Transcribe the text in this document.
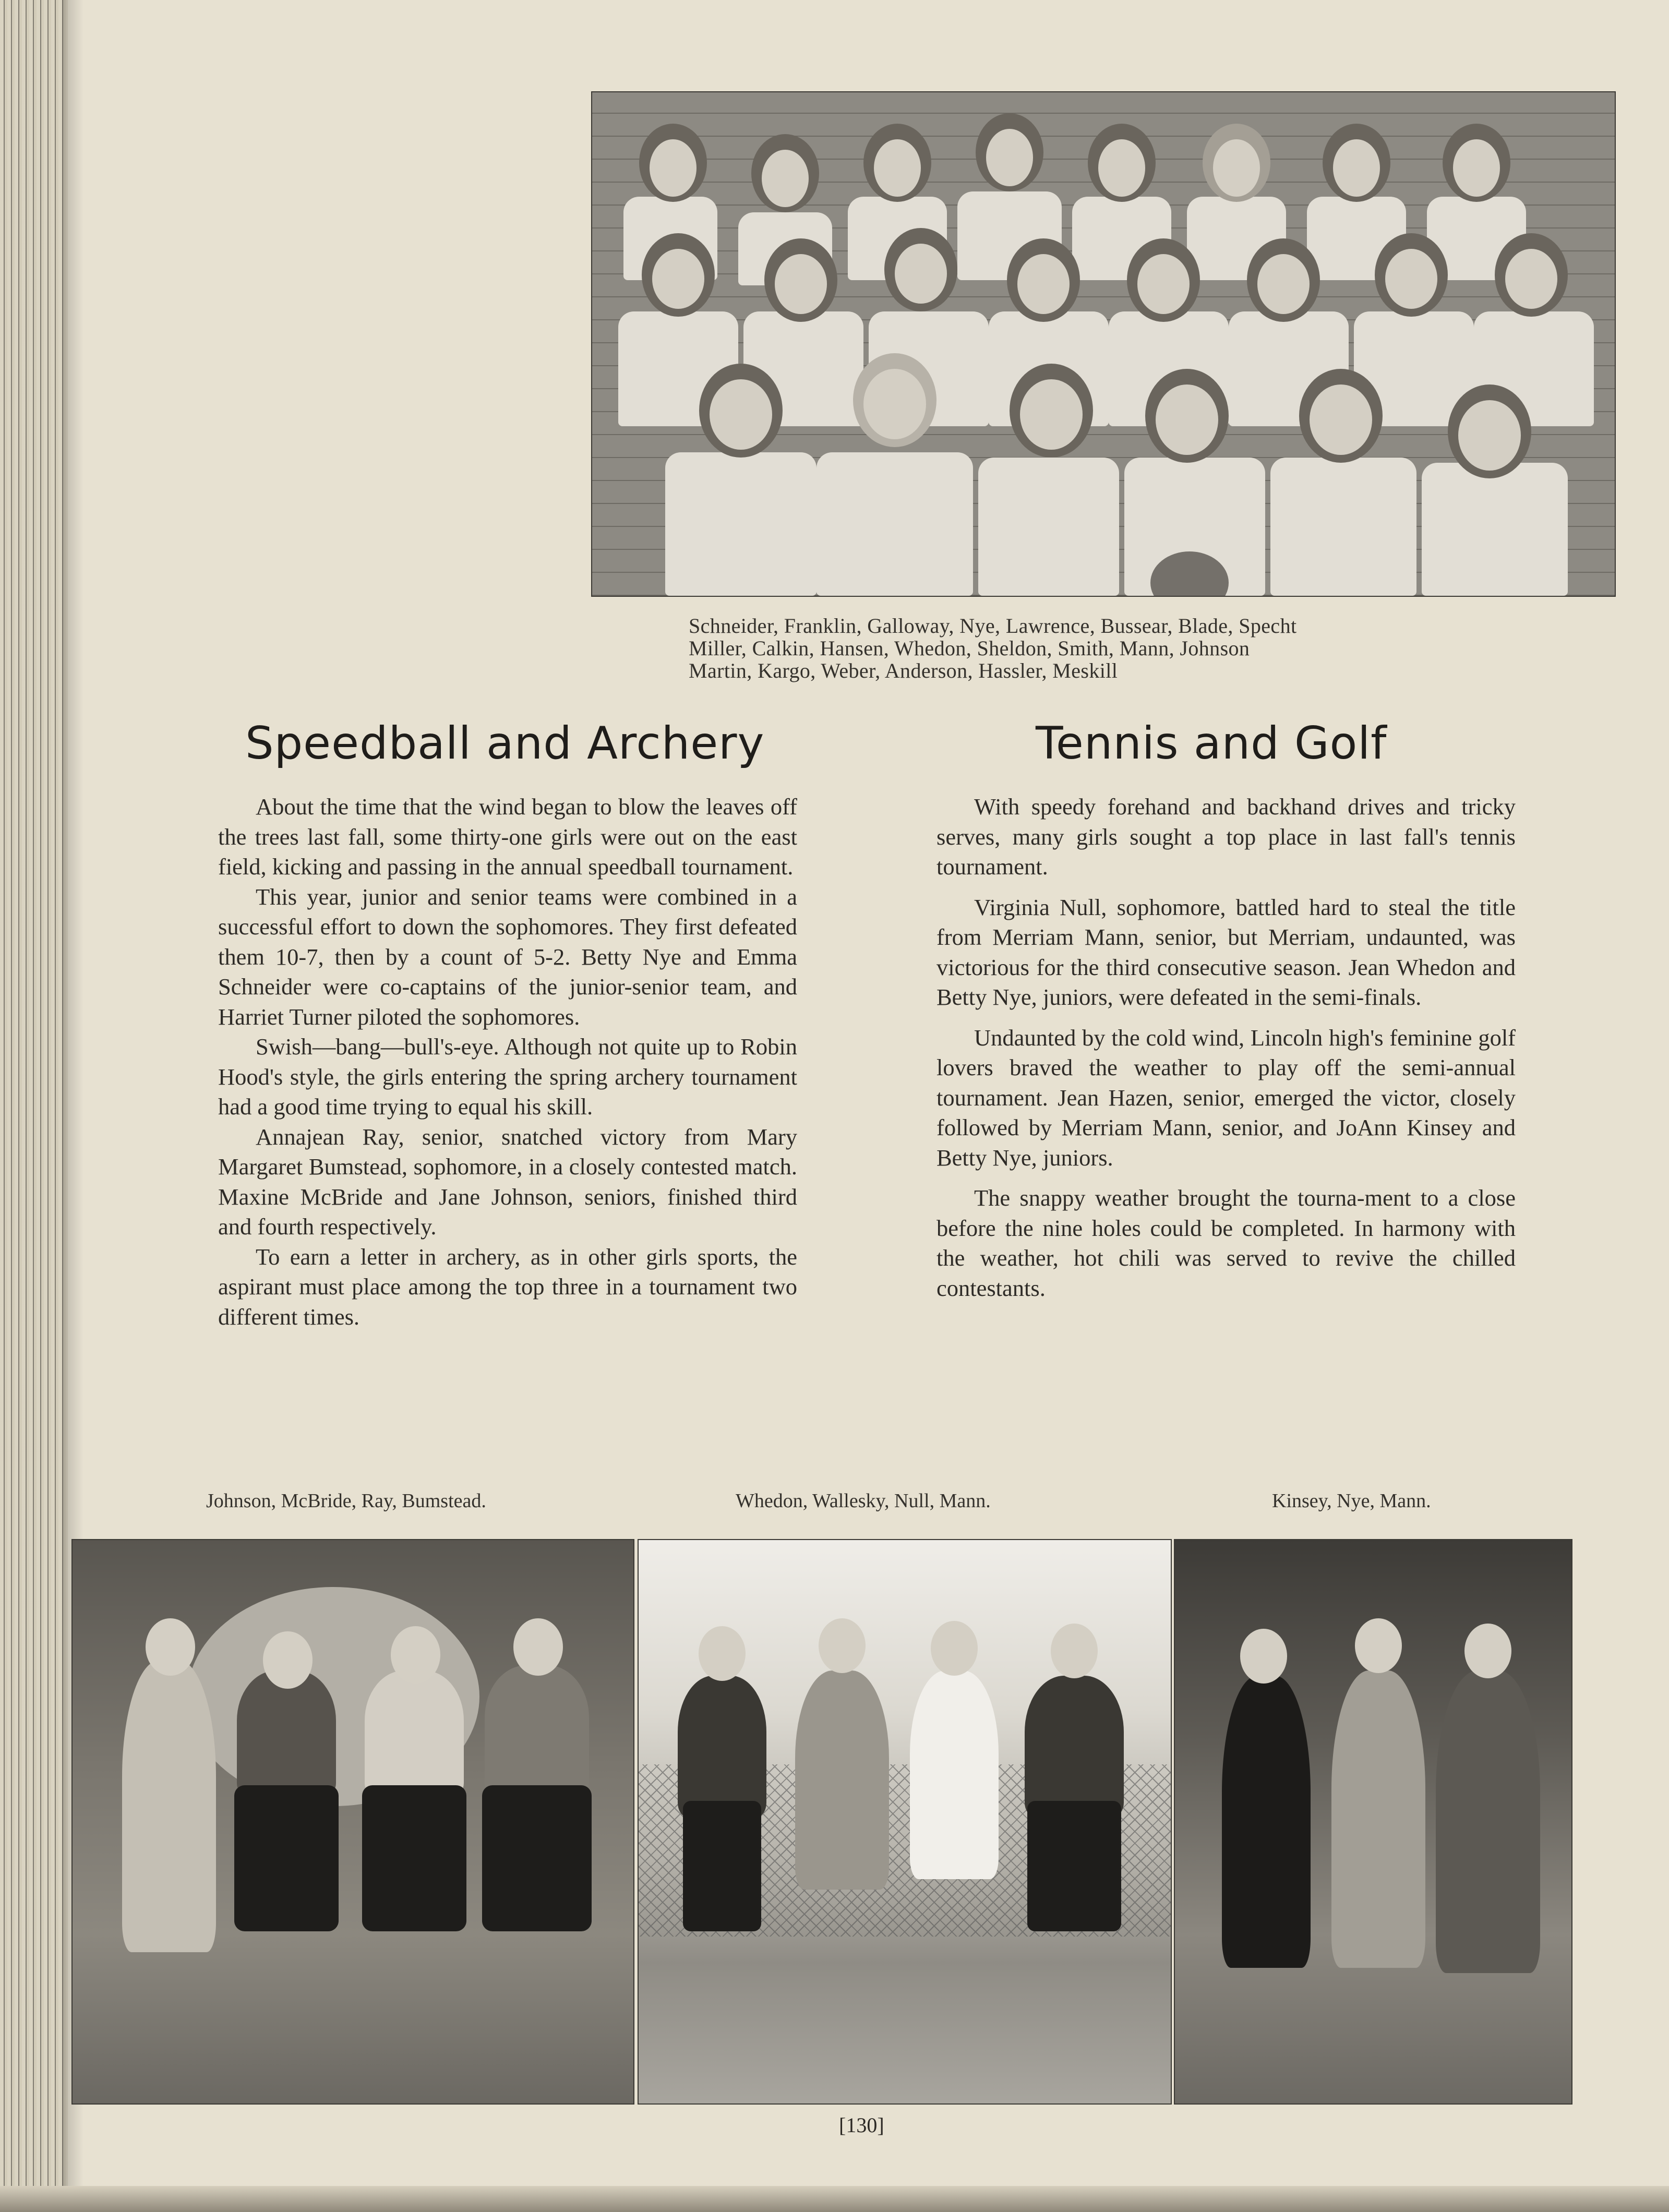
Schneider, Franklin, Galloway, Nye, Lawrence, Bussear, Blade, Specht
Miller, Calkin, Hansen, Whedon, Sheldon, Smith, Mann, Johnson
Martin, Kargo, Weber, Anderson, Hassler, Meskill
Speedball and Archery	Tennis and Golf

About the time that the wind began to blow the leaves off the trees last fall, some thirty-one girls were out on the east field, kicking and passing in the annual speedball tournament.

This year, junior and senior teams were combined in a successful effort to down the sophomores. They first defeated them 10-7, then by a count of 5-2. Betty Nye and Emma Schneider were co-captains of the junior-senior team, and Harriet Turner piloted the sophomores.

Swish—bang—bull's-eye. Although not quite up to Robin Hood's style, the girls entering the spring archery tournament had a good time trying to equal his skill.

Annajean Ray, senior, snatched victory from Mary Margaret Bumstead, sophomore, in a closely contested match. Maxine McBride and Jane Johnson, seniors, finished third and fourth respectively.

To earn a letter in archery, as in other girls sports, the aspirant must place among the top three in a tournament two different times.

With speedy forehand and backhand drives and tricky serves, many girls sought a top place in last fall's tennis tournament.

Virginia Null, sophomore, battled hard to steal the title from Merriam Mann, senior, but Merriam, undaunted, was victorious for the third consecutive season. Jean Whedon and Betty Nye, juniors, were defeated in the semi-finals.

Undaunted by the cold wind, Lincoln high's feminine golf lovers braved the weather to play off the semi-annual tournament. Jean Hazen, senior, emerged the victor, closely followed by Merriam Mann, senior, and JoAnn Kinsey and Betty Nye, juniors.

The snappy weather brought the tourna-ment to a close before the nine holes could be completed. In harmony with the weather, hot chili was served to revive the chilled contestants.

Johnson, McBride, Ray, Bumstead.	Whedon, Wallesky, Null, Mann.	Kinsey, Nye, Mann.
[130]
